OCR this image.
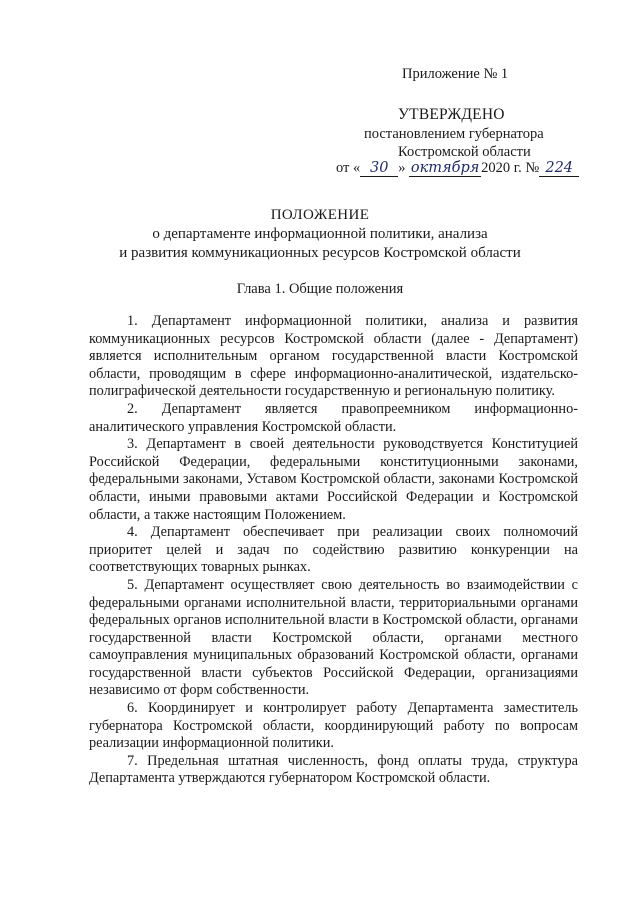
Приложение № 1
УТВЕРЖДЕНО
постановлением губернатора
Костромской области
от « 30 » октября 2020 г. № 224
ПОЛОЖЕНИЕ
о департаменте информационной политики, анализа
и развития коммуникационных ресурсов Костромской области
Глава 1. Общие положения

1. Департамент информационной политики, анализа и развития коммуникационных ресурсов Костромской области (далее - Департамент) является исполнительным органом государственной власти Костромской области, проводящим в сфере информационно-аналитической, издательско-полиграфической деятельности государственную и региональную политику.

2. Департамент является правопреемником информационно-аналитического управления Костромской области.

3. Департамент в своей деятельности руководствуется Конституцией Российской Федерации, федеральными конституционными законами, федеральными законами, Уставом Костромской области, законами Костромской области, иными правовыми актами Российской Федерации и Костромской области, а также настоящим Положением.

4. Департамент обеспечивает при реализации своих полномочий приоритет целей и задач по содействию развитию конкуренции на соответствующих товарных рынках.

5. Департамент осуществляет свою деятельность во взаимодействии с федеральными органами исполнительной власти, территориальными органами федеральных органов исполнительной власти в Костромской области, органами государственной власти Костромской области, органами местного самоуправления муниципальных образований Костромской области, органами государственной власти субъектов Российской Федерации, организациями независимо от форм собственности.

6. Координирует и контролирует работу Департамента заместитель губернатора Костромской области, координирующий работу по вопросам реализации информационной политики.

7. Предельная штатная численность, фонд оплаты труда, структура Департамента утверждаются губернатором Костромской области.
